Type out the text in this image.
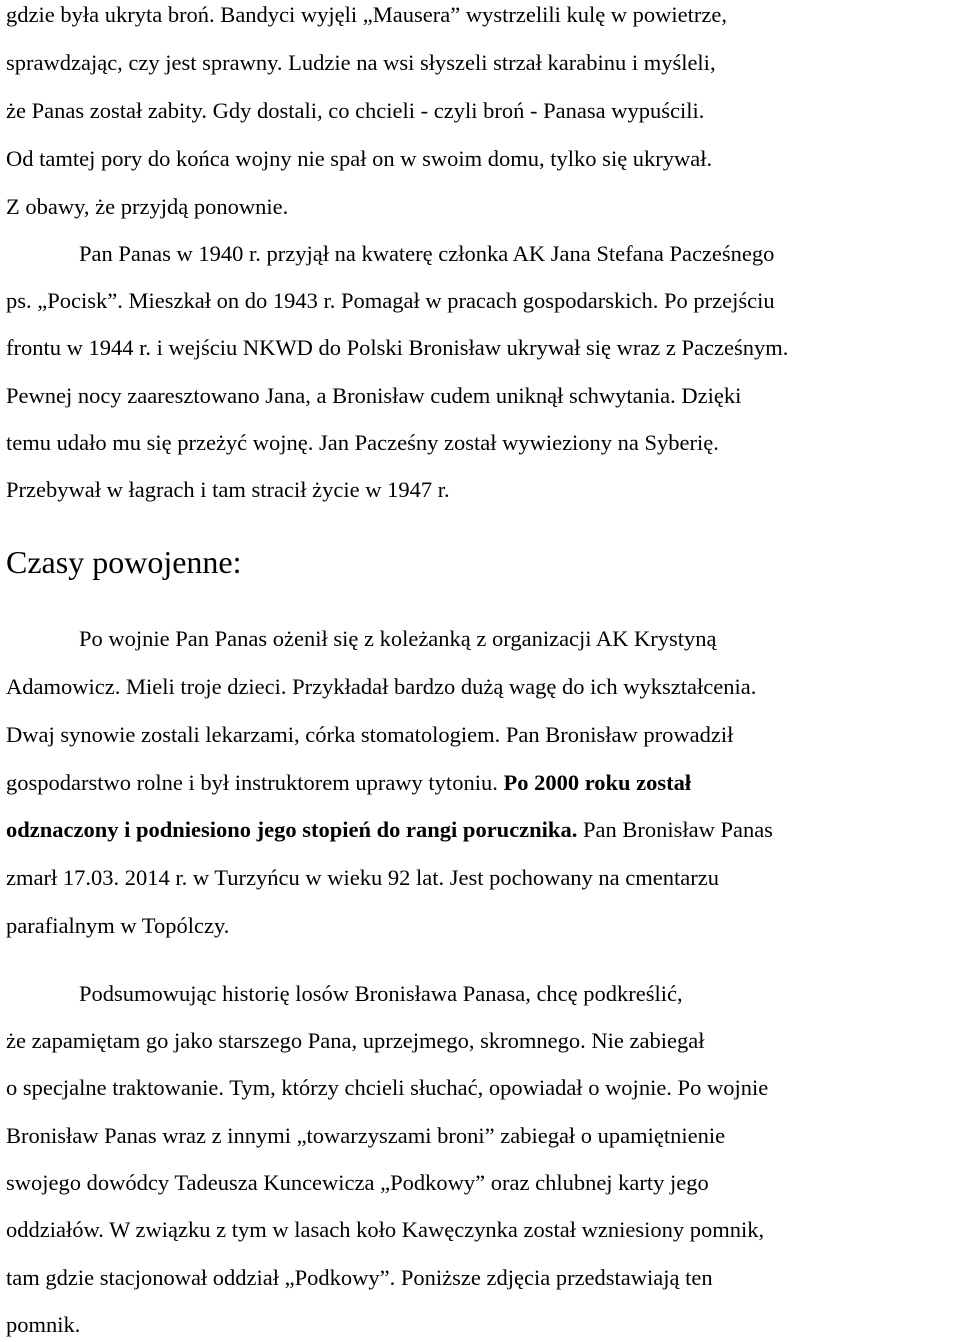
gdzie była ukryta broń. Bandyci wyjęli „Mausera” wystrzelili kulę w powietrze,
sprawdzając, czy jest sprawny. Ludzie na wsi słyszeli strzał karabinu i myśleli,
że Panas został zabity. Gdy dostali, co chcieli - czyli broń - Panasa wypuścili.
Od tamtej pory do końca wojny nie spał on w swoim domu, tylko się ukrywał.
Z obawy, że przyjdą ponownie.
Pan Panas w 1940 r. przyjął na kwaterę członka AK Jana Stefana Pacześnego
ps. „Pocisk”. Mieszkał on do 1943 r. Pomagał w pracach gospodarskich. Po przejściu
frontu w 1944 r. i wejściu NKWD do Polski Bronisław ukrywał się wraz z Pacześnym.
Pewnej nocy zaaresztowano Jana, a Bronisław cudem uniknął schwytania. Dzięki
temu udało mu się przeżyć wojnę. Jan Pacześny został wywieziony na Syberię.
Przebywał w łagrach i tam stracił życie w 1947 r.
Czasy powojenne:
Po wojnie Pan Panas ożenił się z koleżanką z organizacji AK Krystyną
Adamowicz. Mieli troje dzieci. Przykładał bardzo dużą wagę do ich wykształcenia.
Dwaj synowie zostali lekarzami, córka stomatologiem. Pan Bronisław prowadził
gospodarstwo rolne i był instruktorem uprawy tytoniu. Po 2000 roku został
odznaczony i podniesiono jego stopień do rangi porucznika. Pan Bronisław Panas
zmarł 17.03. 2014 r. w Turzyńcu w wieku 92 lat. Jest pochowany na cmentarzu
parafialnym w Topólczy.
Podsumowując historię losów Bronisława Panasa, chcę podkreślić,
że zapamiętam go jako starszego Pana, uprzejmego, skromnego. Nie zabiegał
o specjalne traktowanie. Tym, którzy chcieli słuchać, opowiadał o wojnie. Po wojnie
Bronisław Panas wraz z innymi „towarzyszami broni” zabiegał o upamiętnienie
swojego dowódcy Tadeusza Kuncewicza „Podkowy” oraz chlubnej karty jego
oddziałów. W związku z tym w lasach koło Kawęczynka został wzniesiony pomnik,
tam gdzie stacjonował oddział „Podkowy”. Poniższe zdjęcia przedstawiają ten
pomnik.
